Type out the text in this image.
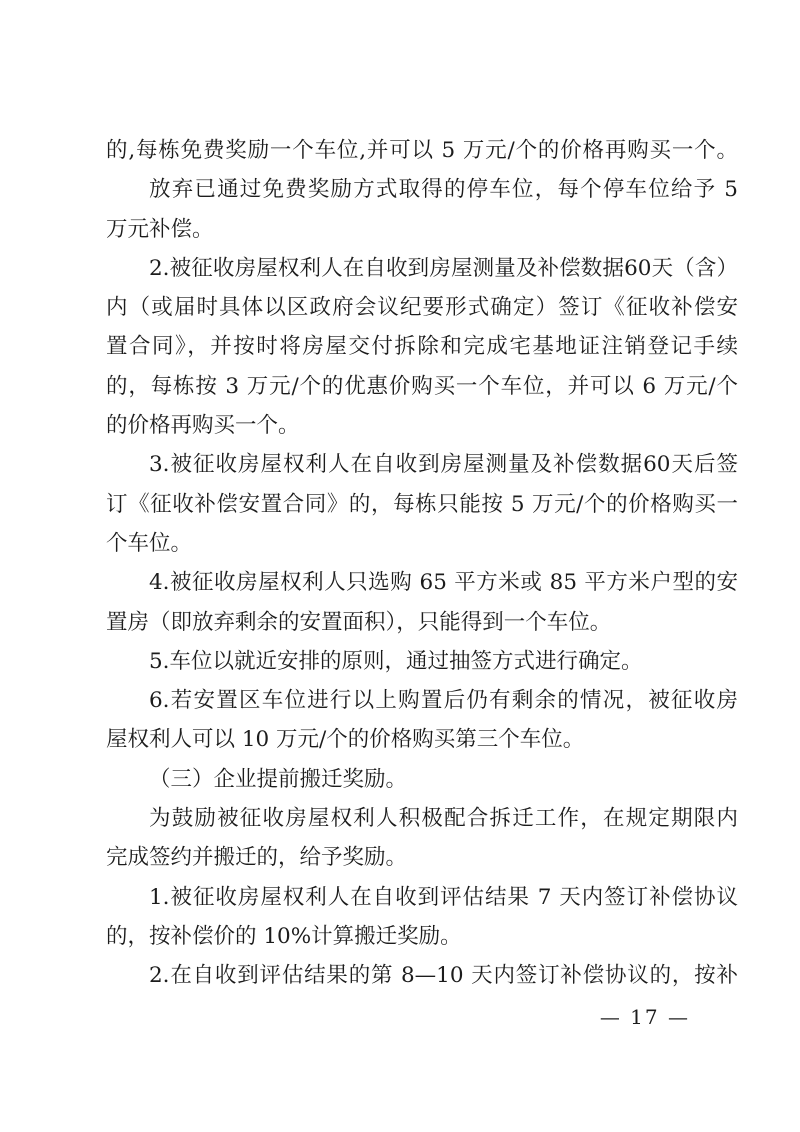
的,每栋免费奖励一个车位,并可以 5 万元/个的价格再购买一个。
放弃已通过免费奖励方式取得的停车位，每个停车位给予 5
万元补偿。
2.被征收房屋权利人在自收到房屋测量及补偿数据60天（含）
内（或届时具体以区政府会议纪要形式确定）签订《征收补偿安
置合同》，并按时将房屋交付拆除和完成宅基地证注销登记手续
的，每栋按 3 万元/个的优惠价购买一个车位，并可以 6 万元/个
的价格再购买一个。
3.被征收房屋权利人在自收到房屋测量及补偿数据60天后签
订《征收补偿安置合同》的，每栋只能按 5 万元/个的价格购买一
个车位。
4.被征收房屋权利人只选购 65 平方米或 85 平方米户型的安
置房（即放弃剩余的安置面积），只能得到一个车位。
5.车位以就近安排的原则，通过抽签方式进行确定。
6.若安置区车位进行以上购置后仍有剩余的情况，被征收房
屋权利人可以 10 万元/个的价格购买第三个车位。
（三）企业提前搬迁奖励。
为鼓励被征收房屋权利人积极配合拆迁工作，在规定期限内
完成签约并搬迁的，给予奖励。
1.被征收房屋权利人在自收到评估结果 7 天内签订补偿协议
的，按补偿价的 10%计算搬迁奖励。
2.在自收到评估结果的第 8—10 天内签订补偿协议的，按补
— 17 —
